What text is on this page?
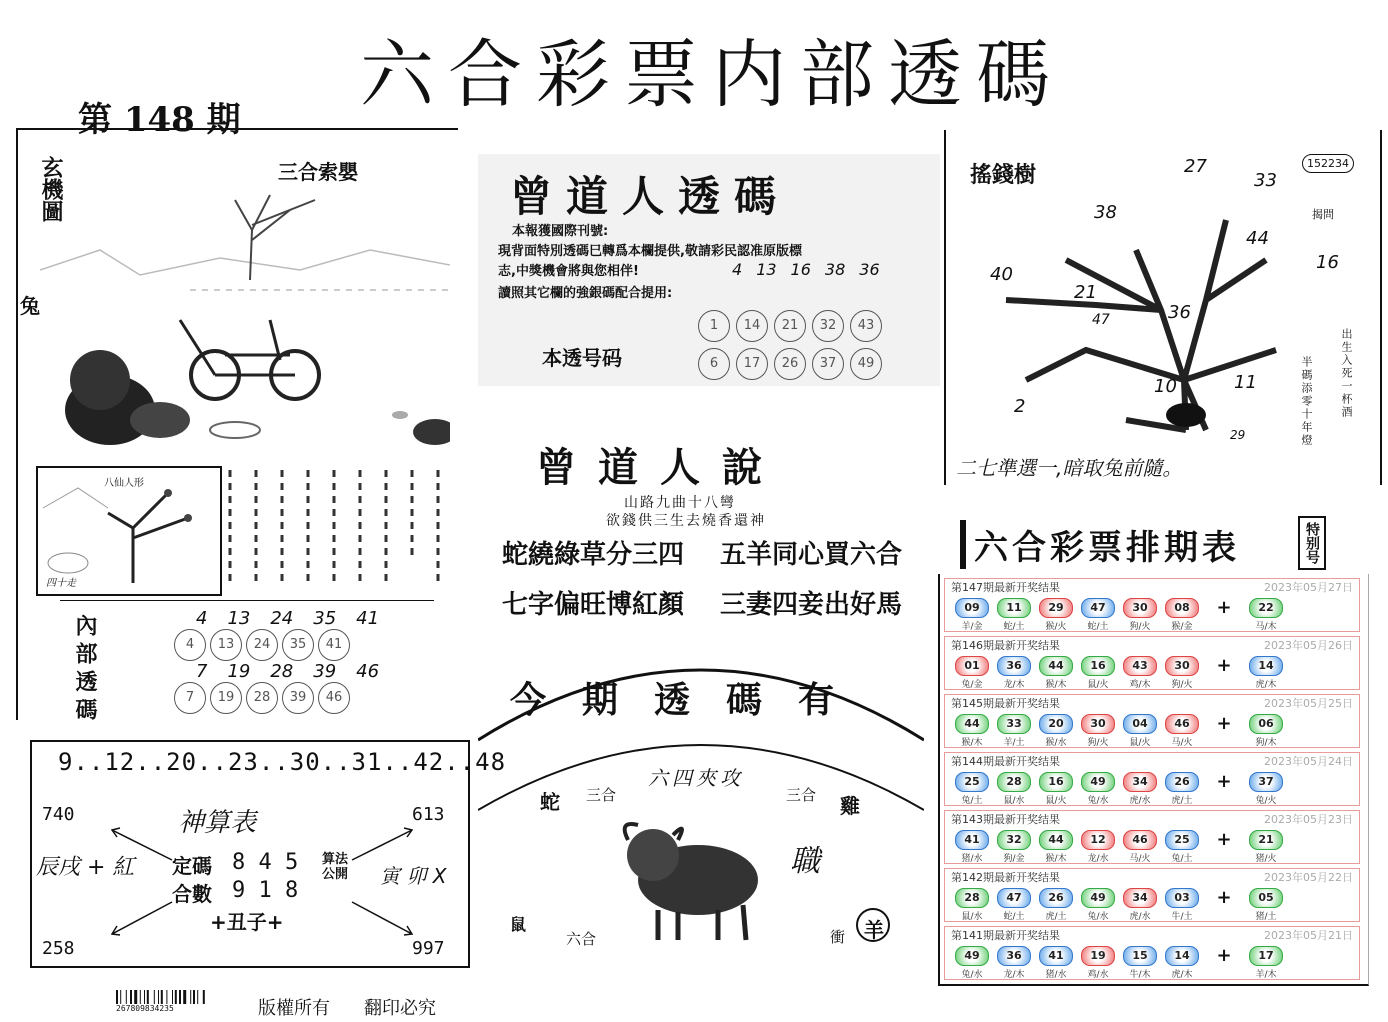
六合彩票内部透碼
第 148 期
玄機圖	三合索嬰
兔
八仙人形
四十走
內部透碼	4 13 24 35 41
4	13	24	35	41
7 19 28 39 46
7	19	28	39	46
9..12..20..23..30..31..42..48
神算表
740	613
258	997
辰戌 + 紅	寅 卯 X
定碼 8 4 5
合數 9 1 8
算法公開
+丑子+
曾道人透碼
本報獲國際刊號:
現背面特別透碼巳轉爲本欄提供,敬請彩民認准原版標
志,中獎機會將與您相伴!
讀照其它欄的強銀碼配合提用:
本透号码
4 13 16 38 36
1	14	21	32	43
6	17	26	37	49
曾道人說
山路九曲十八彎
欲錢供三生去燒香還神
蛇繞綠草分三四 五羊同心買六合
七字偏旺博紅顏 三妻四妾出好馬
今期透碼有
六四夾攻
蛇 三合	三合 雞
職
鼠
六合	衝 羊
搖錢樹	152234
揭問
27
33
38
44
16
40
21
36
47
2
10	11
29
出生入死一杯酒
半碼添零十年燈
二七準選一,暗取兔前隨。
六合彩票排期表	特别号
第147期最新开奖结果	2023年05月27日
09	11	29	47	30	08	+	22
羊/金	蛇/土	猴/火	蛇/土	狗/火	猴/金	马/木
第146期最新开奖结果	2023年05月26日
01	36	44	16	43	30	+	14
兔/金	龙/木	猴/木	鼠/火	鸡/木	狗/火	虎/木
第145期最新开奖结果	2023年05月25日
44	33	20	30	04	46	+	06
猴/木	羊/土	猴/水	狗/火	鼠/火	马/火	狗/木
第144期最新开奖结果	2023年05月24日
25	28	16	49	34	26	+	37
兔/土	鼠/水	鼠/火	兔/水	虎/水	虎/土	兔/火
第143期最新开奖结果	2023年05月23日
41	32	44	12	46	25	+	21
猪/水	狗/金	猴/木	龙/水	马/火	兔/土	猪/火
第142期最新开奖结果	2023年05月22日
28	47	26	49	34	03	+	05
鼠/水	蛇/土	虎/土	兔/水	虎/水	牛/土	猪/土
第141期最新开奖结果	2023年05月21日
49	36	41	19	15	14	+	17
兔/水	龙/木	猪/水	鸡/水	牛/木	虎/木	羊/木
267809834235	版權所有 翻印必究
